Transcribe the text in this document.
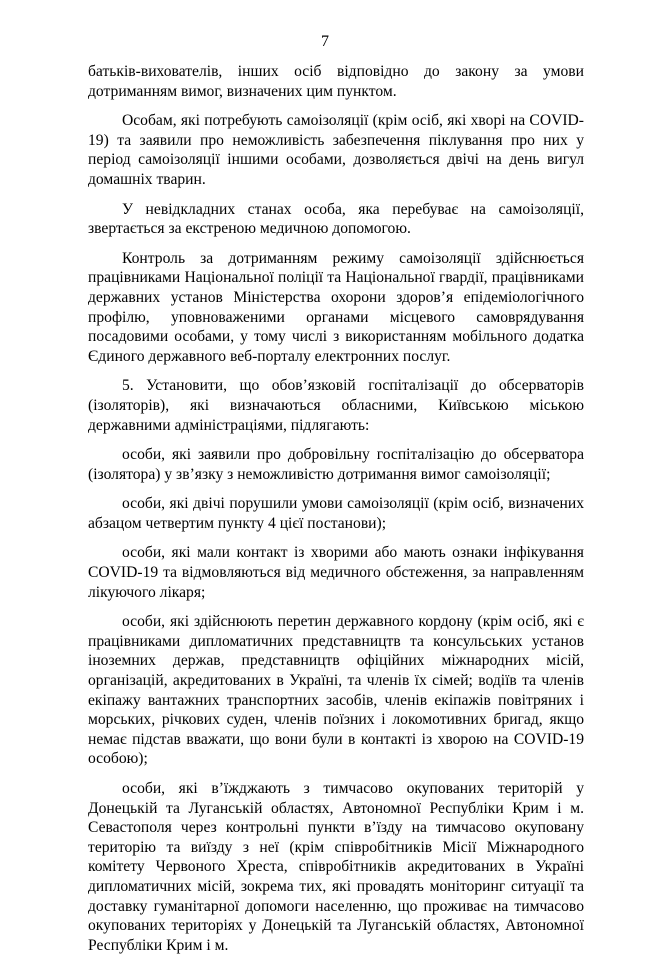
7

батьків-вихователів, інших осіб відповідно до закону за умови дотриманням вимог, визначених цим пунктом.

Особам, які потребують самоізоляції (крім осіб, які хворі на COVID-19) та заявили про неможливість забезпечення піклування про них у період самоізоляції іншими особами, дозволяється двічі на день вигул домашніх тварин.

У невідкладних станах особа, яка перебуває на самоізоляції, звертається за екстреною медичною допомогою.

Контроль за дотриманням режиму самоізоляції здійснюється працівниками Національної поліції та Національної гвардії, працівниками державних установ Міністерства охорони здоров’я епідеміологічного профілю, уповноваженими органами місцевого самоврядування посадовими особами, у тому числі з використанням мобільного додатка Єдиного державного веб-порталу електронних послуг.

5. Установити, що обов’язковій госпіталізації до обсерваторів (ізоляторів), які визначаються обласними, Київською міською державними адміністраціями, підлягають:

особи, які заявили про добровільну госпіталізацію до обсерватора (ізолятора) у зв’язку з неможливістю дотримання вимог самоізоляції;

особи, які двічі порушили умови самоізоляції (крім осіб, визначених абзацом четвертим пункту 4 цієї постанови);

особи, які мали контакт із хворими або мають ознаки інфікування COVID-19 та відмовляються від медичного обстеження, за направленням лікуючого лікаря;

особи, які здійснюють перетин державного кордону (крім осіб, які є працівниками дипломатичних представництв та консульських установ іноземних держав, представництв офіційних міжнародних місій, організацій, акредитованих в Україні, та членів їх сімей; водіїв та членів екіпажу вантажних транспортних засобів, членів екіпажів повітряних і морських, річкових суден, членів поїзних і локомотивних бригад, якщо немає підстав вважати, що вони були в контакті із хворою на COVID-19 особою);

особи, які в’їжджають з тимчасово окупованих територій у Донецькій та Луганській областях, Автономної Республіки Крим і м. Севастополя через контрольні пункти в’їзду на тимчасово окуповану територію та виїзду з неї (крім співробітників Місії Міжнародного комітету Червоного Хреста, співробітників акредитованих в Україні дипломатичних місій, зокрема тих, які провадять моніторинг ситуації та доставку гуманітарної допомоги населенню, що проживає на тимчасово окупованих територіях у Донецькій та Луганській областях, Автономної Республіки Крим і м.
